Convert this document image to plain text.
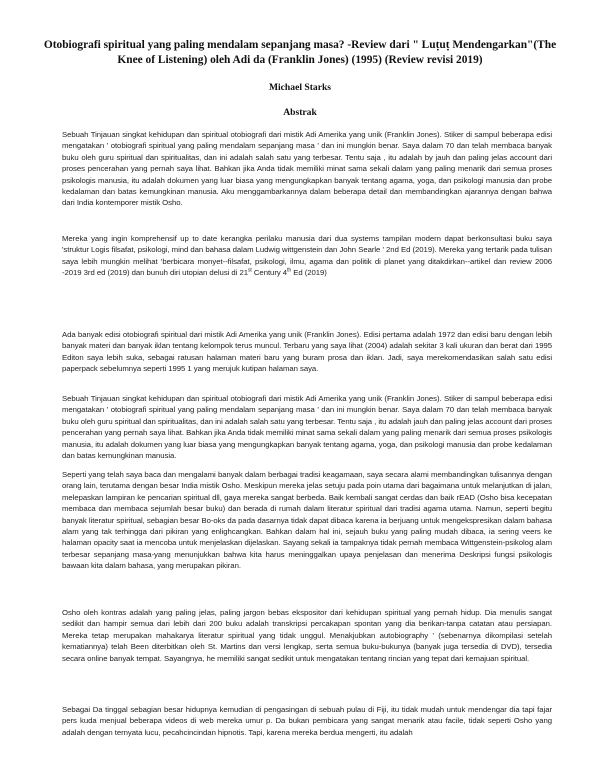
Otobiografi spiritual yang paling mendalam sepanjang masa? -Review dari " Luṭuṭ Mendengarkan"(The Knee of Listening) oleh Adi da (Franklin Jones) (1995) (Review revisi 2019)
Michael Starks
Abstrak

Sebuah Tinjauan singkat kehidupan dan spiritual otobiografi dari mistik Adi Amerika yang unik (Franklin Jones). Stiker di sampul beberapa edisi mengatakan ' otobiografi spiritual yang paling mendalam sepanjang masa ' dan ini mungkin benar. Saya dalam 70 dan telah membaca banyak buku oleh guru spiritual dan spiritualitas, dan ini adalah salah satu yang terbesar. Tentu saja , itu adalah by jauh dan paling jelas account dari proses pencerahan yang pernah saya lihat. Bahkan jika Anda tidak memiliki minat sama sekali dalam yang paling menarik dari semua proses psikologis manusia, itu adalah dokumen yang luar biasa yang mengungkapkan banyak tentang agama, yoga, dan psikologi manusia dan probe kedalaman dan batas kemungkinan manusia. Aku menggambarkannya dalam beberapa detail dan membandingkan ajarannya dengan bahwa dari India kontemporer mistik Osho.

Mereka yang ingin komprehensif up to date kerangka perilaku manusia dari dua systems tampilan modern dapat berkonsultasi buku saya 'struktur Logis filsafat, psikologi, mind dan bahasa dalam Ludwig wittgenstein dan John Searle ' 2nd Ed (2019). Mereka yang tertarik pada tulisan saya lebih mungkin melihat 'berbicara monyet--filsafat, psikologi, ilmu, agama dan politik di planet yang ditakdirkan--artikel dan review 2006 -2019 3rd ed (2019) dan bunuh diri utopian delusi di 21st Century 4th Ed (2019)

Ada banyak edisi otobiografi spiritual dari mistik Adi Amerika yang unik (Franklin Jones). Edisi pertama adalah 1972 dan edisi baru dengan lebih banyak materi dan banyak iklan tentang kelompok terus muncul. Terbaru yang saya lihat (2004) adalah sekitar 3 kali ukuran dan berat dari 1995 Editon saya lebih suka, sebagai ratusan halaman materi baru yang buram prosa dan iklan. Jadi, saya merekomendasikan salah satu edisi paperpack sebelumnya seperti 1995 1 yang merujuk kutipan halaman saya.

Sebuah Tinjauan singkat kehidupan dan spiritual otobiografi dari mistik Adi Amerika yang unik (Franklin Jones). Stiker di sampul beberapa edisi mengatakan ' otobiografi spiritual yang paling mendalam sepanjang masa ' dan ini mungkin benar. Saya dalam 70 dan telah membaca banyak buku oleh guru spiritual dan spiritualitas, dan ini adalah salah satu yang terbesar. Tentu saja , itu adalah jauh dan paling jelas account dari proses pencerahan yang pernah saya lihat. Bahkan jika Anda tidak memiliki minat sama sekali dalam yang paling menarik dari semua proses psikologis manusia, itu adalah dokumen yang luar biasa yang mengungkapkan banyak tentang agama, yoga, dan psikologi manusia dan probe kedalaman dan batas kemungkinan manusia.

Seperti yang telah saya baca dan mengalami banyak dalam berbagai tradisi keagamaan, saya secara alami membandingkan tulisannya dengan orang lain, terutama dengan besar India mistik Osho. Meskipun mereka jelas setuju pada poin utama dari bagaimana untuk melanjutkan di jalan, melepaskan lampiran ke pencarian spiritual dll, gaya mereka sangat berbeda. Baik kembali sangat cerdas dan baik rEAD (Osho bisa kecepatan membaca dan membaca sejumlah besar buku) dan berada di rumah dalam literatur spiritual dari tradisi agama utama. Namun, seperti begitu banyak literatur spiritual, sebagian besar Bo-oks da pada dasarnya tidak dapat dibaca karena ia berjuang untuk mengekspresikan dalam bahasa alam yang tak terhingga dari pikiran yang enlighcangkan. Bahkan dalam hal ini, sejauh buku yang paling mudah dibaca, ia sering veers ke halaman opacity saat ia mencoba untuk menjelaskan dijelaskan. Sayang sekali ia tampaknya tidak pernah membaca Wittgenstein-psikolog alam terbesar sepanjang masa-yang menunjukkan bahwa kita harus meninggalkan upaya penjelasan dan menerima Deskripsi fungsi psikologis bawaan kita dalam bahasa, yang merupakan pikiran.

Osho oleh kontras adalah yang paling jelas, paling jargon bebas ekspositor dari kehidupan spiritual yang pernah hidup. Dia menulis sangat sedikit dan hampir semua dari lebih dari 200 buku adalah transkripsi percakapan spontan yang dia berikan-tanpa catatan atau persiapan. Mereka tetap merupakan mahakarya literatur spiritual yang tidak unggul. Menakjubkan autobiography ' (sebenarnya dikompilasi setelah kematiannya) telah Been diterbitkan oleh St. Martins dan versi lengkap, serta semua buku-bukunya (banyak juga tersedia di DVD), tersedia secara online banyak tempat. Sayangnya, he memiliki sangat sedikit untuk mengatakan tentang rincian yang tepat dari kemajuan spiritual.

Sebagai Da tinggal sebagian besar hidupnya kemudian di pengasingan di sebuah pulau di Fiji, itu tidak mudah untuk mendengar dia tapi fajar pers kuda menjual beberapa videos di web mereka umur p. Da bukan pembicara yang sangat menarik atau facile, tidak seperti Osho yang adalah dengan ternyata lucu, pecahcincindan hipnotis. Tapi, karena mereka berdua mengerti, itu adalah
